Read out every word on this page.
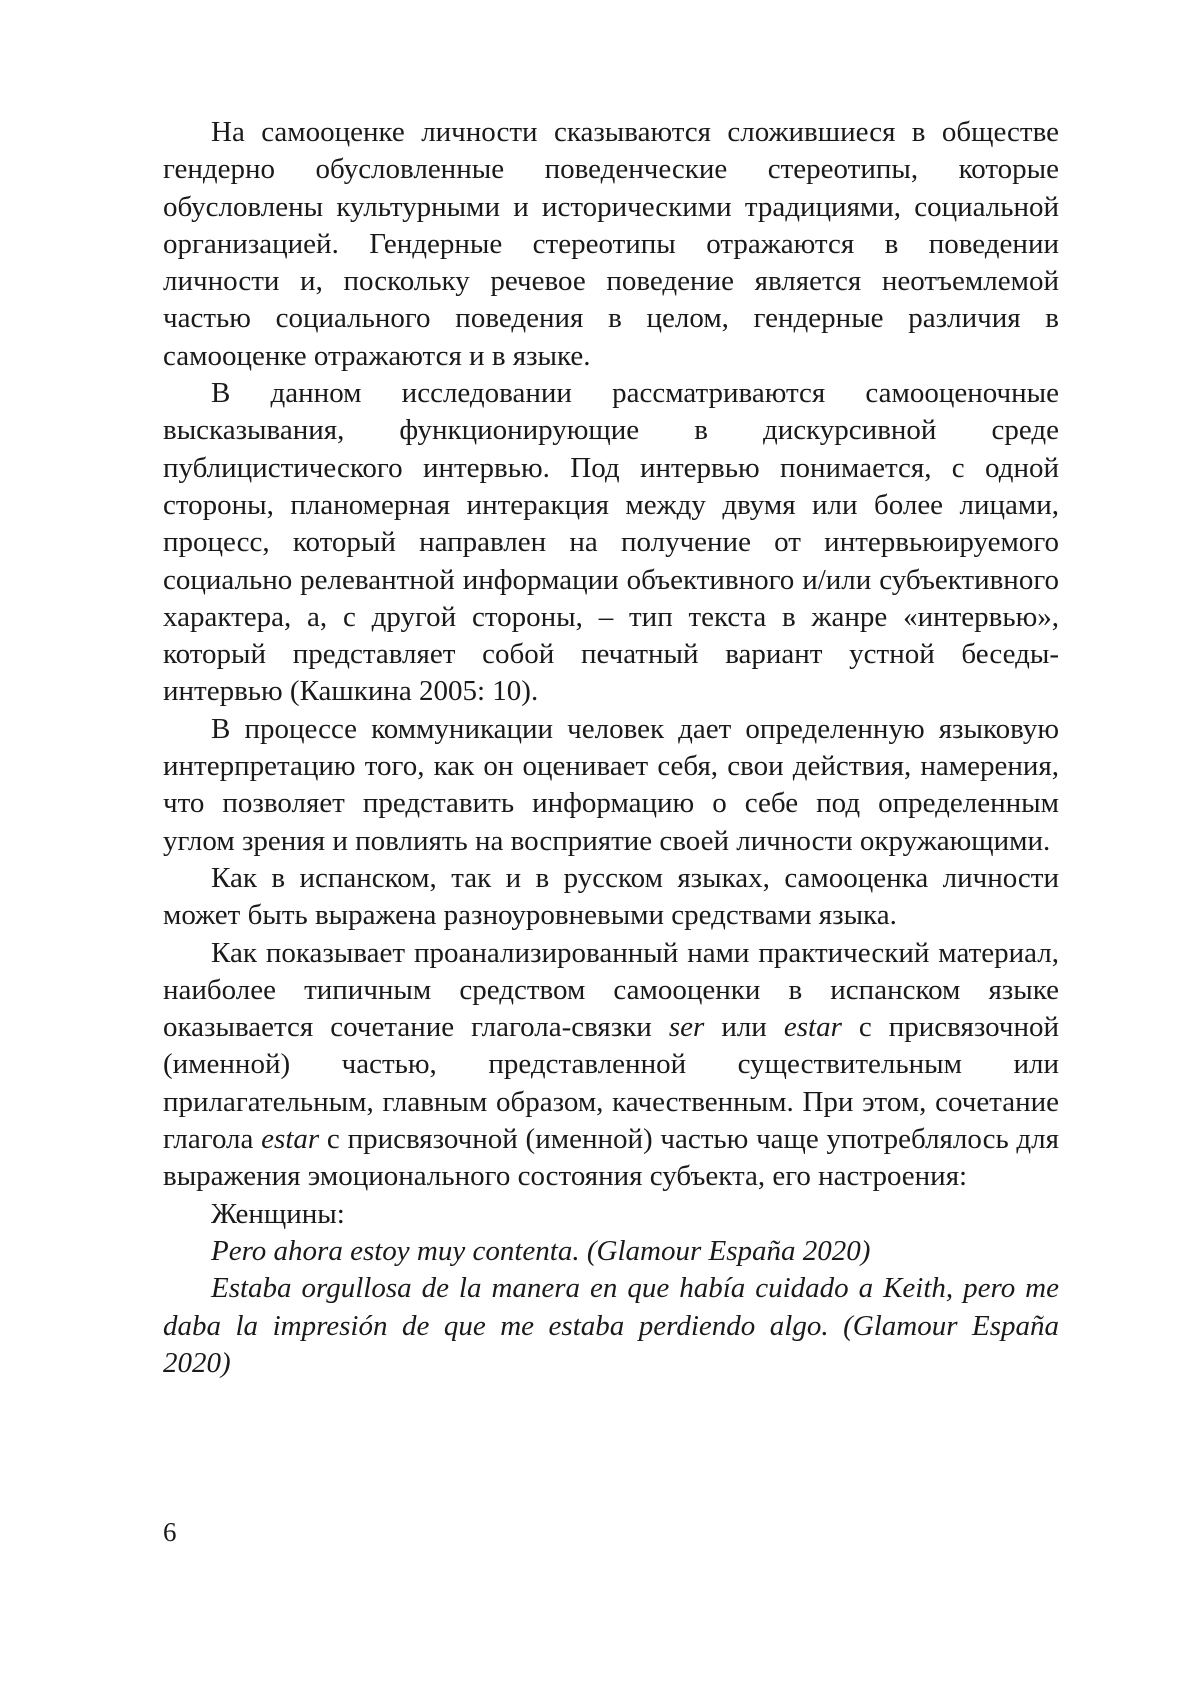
На самооценке личности сказываются сложившиеся в обществе гендерно обусловленные поведенческие стереотипы, которые обусловлены культурными и историческими традициями, социальной организацией. Гендерные стереотипы отражаются в поведении личности и, поскольку речевое поведение является неотъемлемой частью социального поведения в целом, гендерные различия в самооценке отражаются и в языке.

В данном исследовании рассматриваются самооценочные высказывания, функционирующие в дискурсивной среде публицистического интервью. Под интервью понимается, с одной стороны, планомерная интеракция между двумя или более лицами, процесс, который направлен на получение от интервьюируемого социально релевантной информации объективного и/или субъективного характера, а, с другой стороны, – тип текста в жанре «интервью», который представляет собой печатный вариант устной беседы-интервью (Кашкина 2005: 10).

В процессе коммуникации человек дает определенную языковую интерпретацию того, как он оценивает себя, свои действия, намерения, что позволяет представить информацию о себе под определенным углом зрения и повлиять на восприятие своей личности окружающими.

Как в испанском, так и в русском языках, самооценка личности может быть выражена разноуровневыми средствами языка.

Как показывает проанализированный нами практический материал, наиболее типичным средством самооценки в испанском языке оказывается сочетание глагола-связки ser или estar с присвязочной (именной) частью, представленной существительным или прилагательным, главным образом, качественным. При этом, сочетание глагола estar с присвязочной (именной) частью чаще употреблялось для выражения эмоционального состояния субъекта, его настроения:

Женщины:

Pero ahora estoy muy contenta. (Glamour España 2020)

Estaba orgullosa de la manera en que había cuidado a Keith, pero me daba la impresión de que me estaba perdiendo algo. (Glamour España 2020)

6
